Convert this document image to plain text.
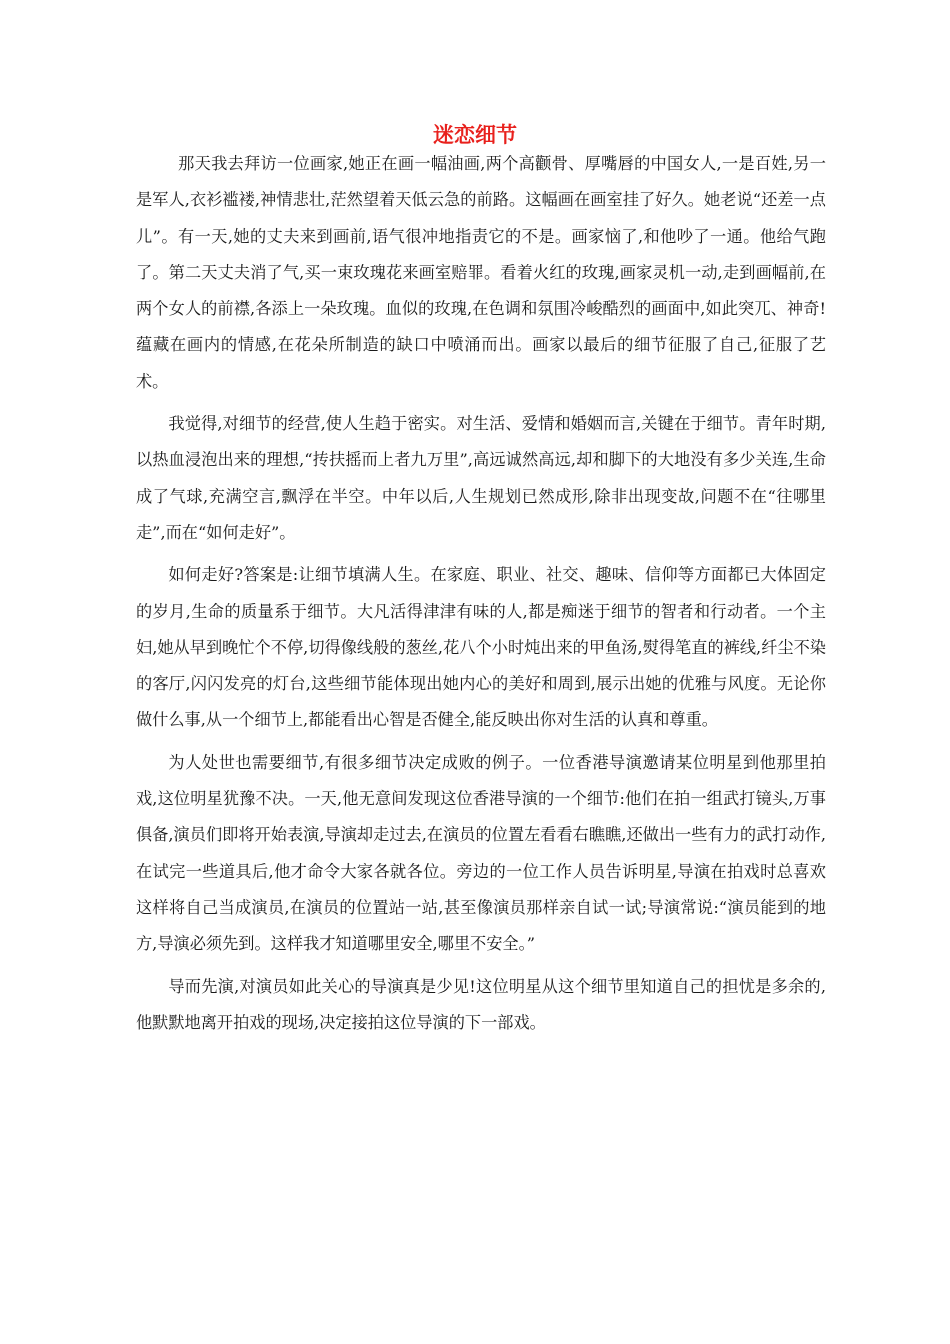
迷恋细节

那天我去拜访一位画家,她正在画一幅油画,两个高颧骨、厚嘴唇的中国女人,一是百姓,另一是军人,衣衫褴褛,神情悲壮,茫然望着天低云急的前路。这幅画在画室挂了好久。她老说“还差一点儿”。有一天,她的丈夫来到画前,语气很冲地指责它的不是。画家恼了,和他吵了一通。他给气跑了。第二天丈夫消了气,买一束玫瑰花来画室赔罪。看着火红的玫瑰,画家灵机一动,走到画幅前,在两个女人的前襟,各添上一朵玫瑰。血似的玫瑰,在色调和氛围冷峻酷烈的画面中,如此突兀、神奇!蕴藏在画内的情感,在花朵所制造的缺口中喷涌而出。画家以最后的细节征服了自己,征服了艺术。

我觉得,对细节的经营,使人生趋于密实。对生活、爱情和婚姻而言,关键在于细节。青年时期,以热血浸泡出来的理想,“抟扶摇而上者九万里”,高远诚然高远,却和脚下的大地没有多少关连,生命成了气球,充满空言,飘浮在半空。中年以后,人生规划已然成形,除非出现变故,问题不在“往哪里走”,而在“如何走好”。

如何走好?答案是:让细节填满人生。在家庭、职业、社交、趣味、信仰等方面都已大体固定的岁月,生命的质量系于细节。大凡活得津津有味的人,都是痴迷于细节的智者和行动者。一个主妇,她从早到晚忙个不停,切得像线般的葱丝,花八个小时炖出来的甲鱼汤,熨得笔直的裤线,纤尘不染的客厅,闪闪发亮的灯台,这些细节能体现出她内心的美好和周到,展示出她的优雅与风度。无论你做什么事,从一个细节上,都能看出心智是否健全,能反映出你对生活的认真和尊重。

为人处世也需要细节,有很多细节决定成败的例子。一位香港导演邀请某位明星到他那里拍戏,这位明星犹豫不决。一天,他无意间发现这位香港导演的一个细节:他们在拍一组武打镜头,万事俱备,演员们即将开始表演,导演却走过去,在演员的位置左看看右瞧瞧,还做出一些有力的武打动作,在试完一些道具后,他才命令大家各就各位。旁边的一位工作人员告诉明星,导演在拍戏时总喜欢这样将自己当成演员,在演员的位置站一站,甚至像演员那样亲自试一试;导演常说:“演员能到的地方,导演必须先到。这样我才知道哪里安全,哪里不安全。”

导而先演,对演员如此关心的导演真是少见!这位明星从这个细节里知道自己的担忧是多余的,他默默地离开拍戏的现场,决定接拍这位导演的下一部戏。
